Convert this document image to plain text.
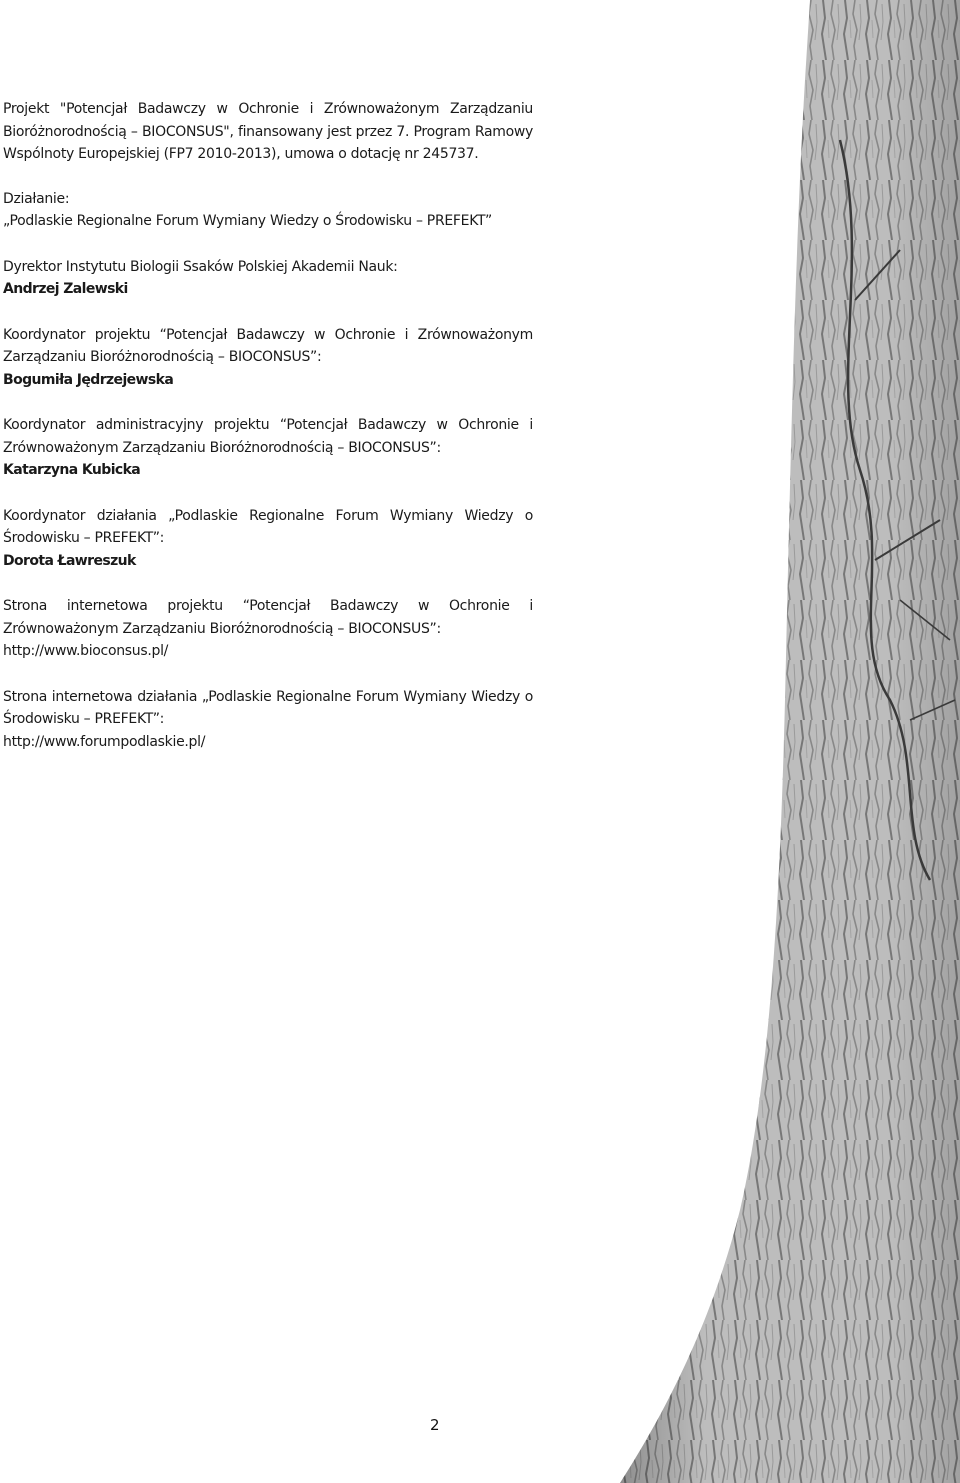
Projekt "Potencjał Badawczy w Ochronie i Zrównoważonym Zarządzaniu Bioróżnorodnością – BIOCONSUS", finansowany jest przez 7. Program Ramowy Wspólnoty Europejskiej (FP7 2010-2013), umowa o dotację nr 245737.

Działanie:
„Podlaskie Regionalne Forum Wymiany Wiedzy o Środowisku – PREFEKT”

Dyrektor Instytutu Biologii Ssaków Polskiej Akademii Nauk:
Andrzej Zalewski

Koordynator projektu “Potencjał Badawczy w Ochronie i Zrównoważonym Zarządzaniu Bioróżnorodnością – BIOCONSUS”:
Bogumiła Jędrzejewska

Koordynator administracyjny projektu “Potencjał Badawczy w Ochronie i Zrównoważonym Zarządzaniu Bioróżnorodnością – BIOCONSUS”:
Katarzyna Kubicka

Koordynator działania „Podlaskie Regionalne Forum Wymiany Wiedzy o Środowisku – PREFEKT”:
Dorota Ławreszuk

Strona internetowa projektu “Potencjał Badawczy w Ochronie i Zrównoważonym Zarządzaniu Bioróżnorodnością – BIOCONSUS”:
http://www.bioconsus.pl/

Strona internetowa działania „Podlaskie Regionalne Forum Wymiany Wiedzy o Środowisku – PREFEKT”:
http://www.forumpodlaskie.pl/

2
